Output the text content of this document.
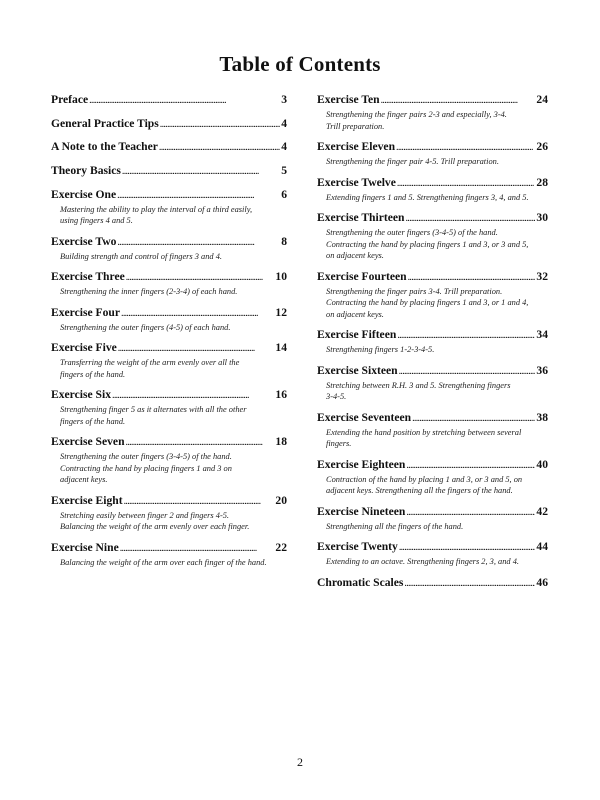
Table of Contents
Preface . . .	3
General Practice Tips . . .	4
A Note to the Teacher . . .	4
Theory Basics . . .	5
Exercise One . . .	6
Mastering the ability to play the interval of a third easily,
using fingers 4 and 5.
Exercise Two . . .	8
Building strength and control of fingers 3 and 4.
Exercise Three . . .	10
Strengthening the inner fingers (2-3-4) of each hand.
Exercise Four . . .	12
Strengthening the outer fingers (4-5) of each hand.
Exercise Five . . .	14
Transferring the weight of the arm evenly over all the
fingers of the hand.
Exercise Six . . .	16
Strengthening finger 5 as it alternates with all the other
fingers of the hand.
Exercise Seven . . .	18
Strengthening the outer fingers (3-4-5) of the hand.
Contracting the hand by placing fingers 1 and 3 on
adjacent keys.
Exercise Eight . . .	20
Stretching easily between finger 2 and fingers 4-5.
Balancing the weight of the arm evenly over each finger.
Exercise Nine . . .	22
Balancing the weight of the arm over each finger of the hand.
Exercise Ten . . .	24
Strengthening the finger pairs 2-3 and especially, 3-4.
Trill preparation.
Exercise Eleven . . .	26
Strengthening the finger pair 4-5. Trill preparation.
Exercise Twelve . . .	28
Extending fingers 1 and 5. Strengthening fingers 3, 4, and 5.
Exercise Thirteen . . .	30
Strengthening the outer fingers (3-4-5) of the hand.
Contracting the hand by placing fingers 1 and 3, or 3 and 5,
on adjacent keys.
Exercise Fourteen . . .	32
Strengthening the finger pairs 3-4. Trill preparation.
Contracting the hand by placing fingers 1 and 3, or 1 and 4,
on adjacent keys.
Exercise Fifteen . . .	34
Strengthening fingers 1-2-3-4-5.
Exercise Sixteen . . .	36
Stretching between R.H. 3 and 5. Strengthening fingers
3-4-5.
Exercise Seventeen . . .	38
Extending the hand position by stretching between several
fingers.
Exercise Eighteen . . .	40
Contraction of the hand by placing 1 and 3, or 3 and 5, on
adjacent keys. Strengthening all the fingers of the hand.
Exercise Nineteen . . .	42
Strengthening all the fingers of the hand.
Exercise Twenty . . .	44
Extending to an octave. Strengthening fingers 2, 3, and 4.
Chromatic Scales . . .	46
2
